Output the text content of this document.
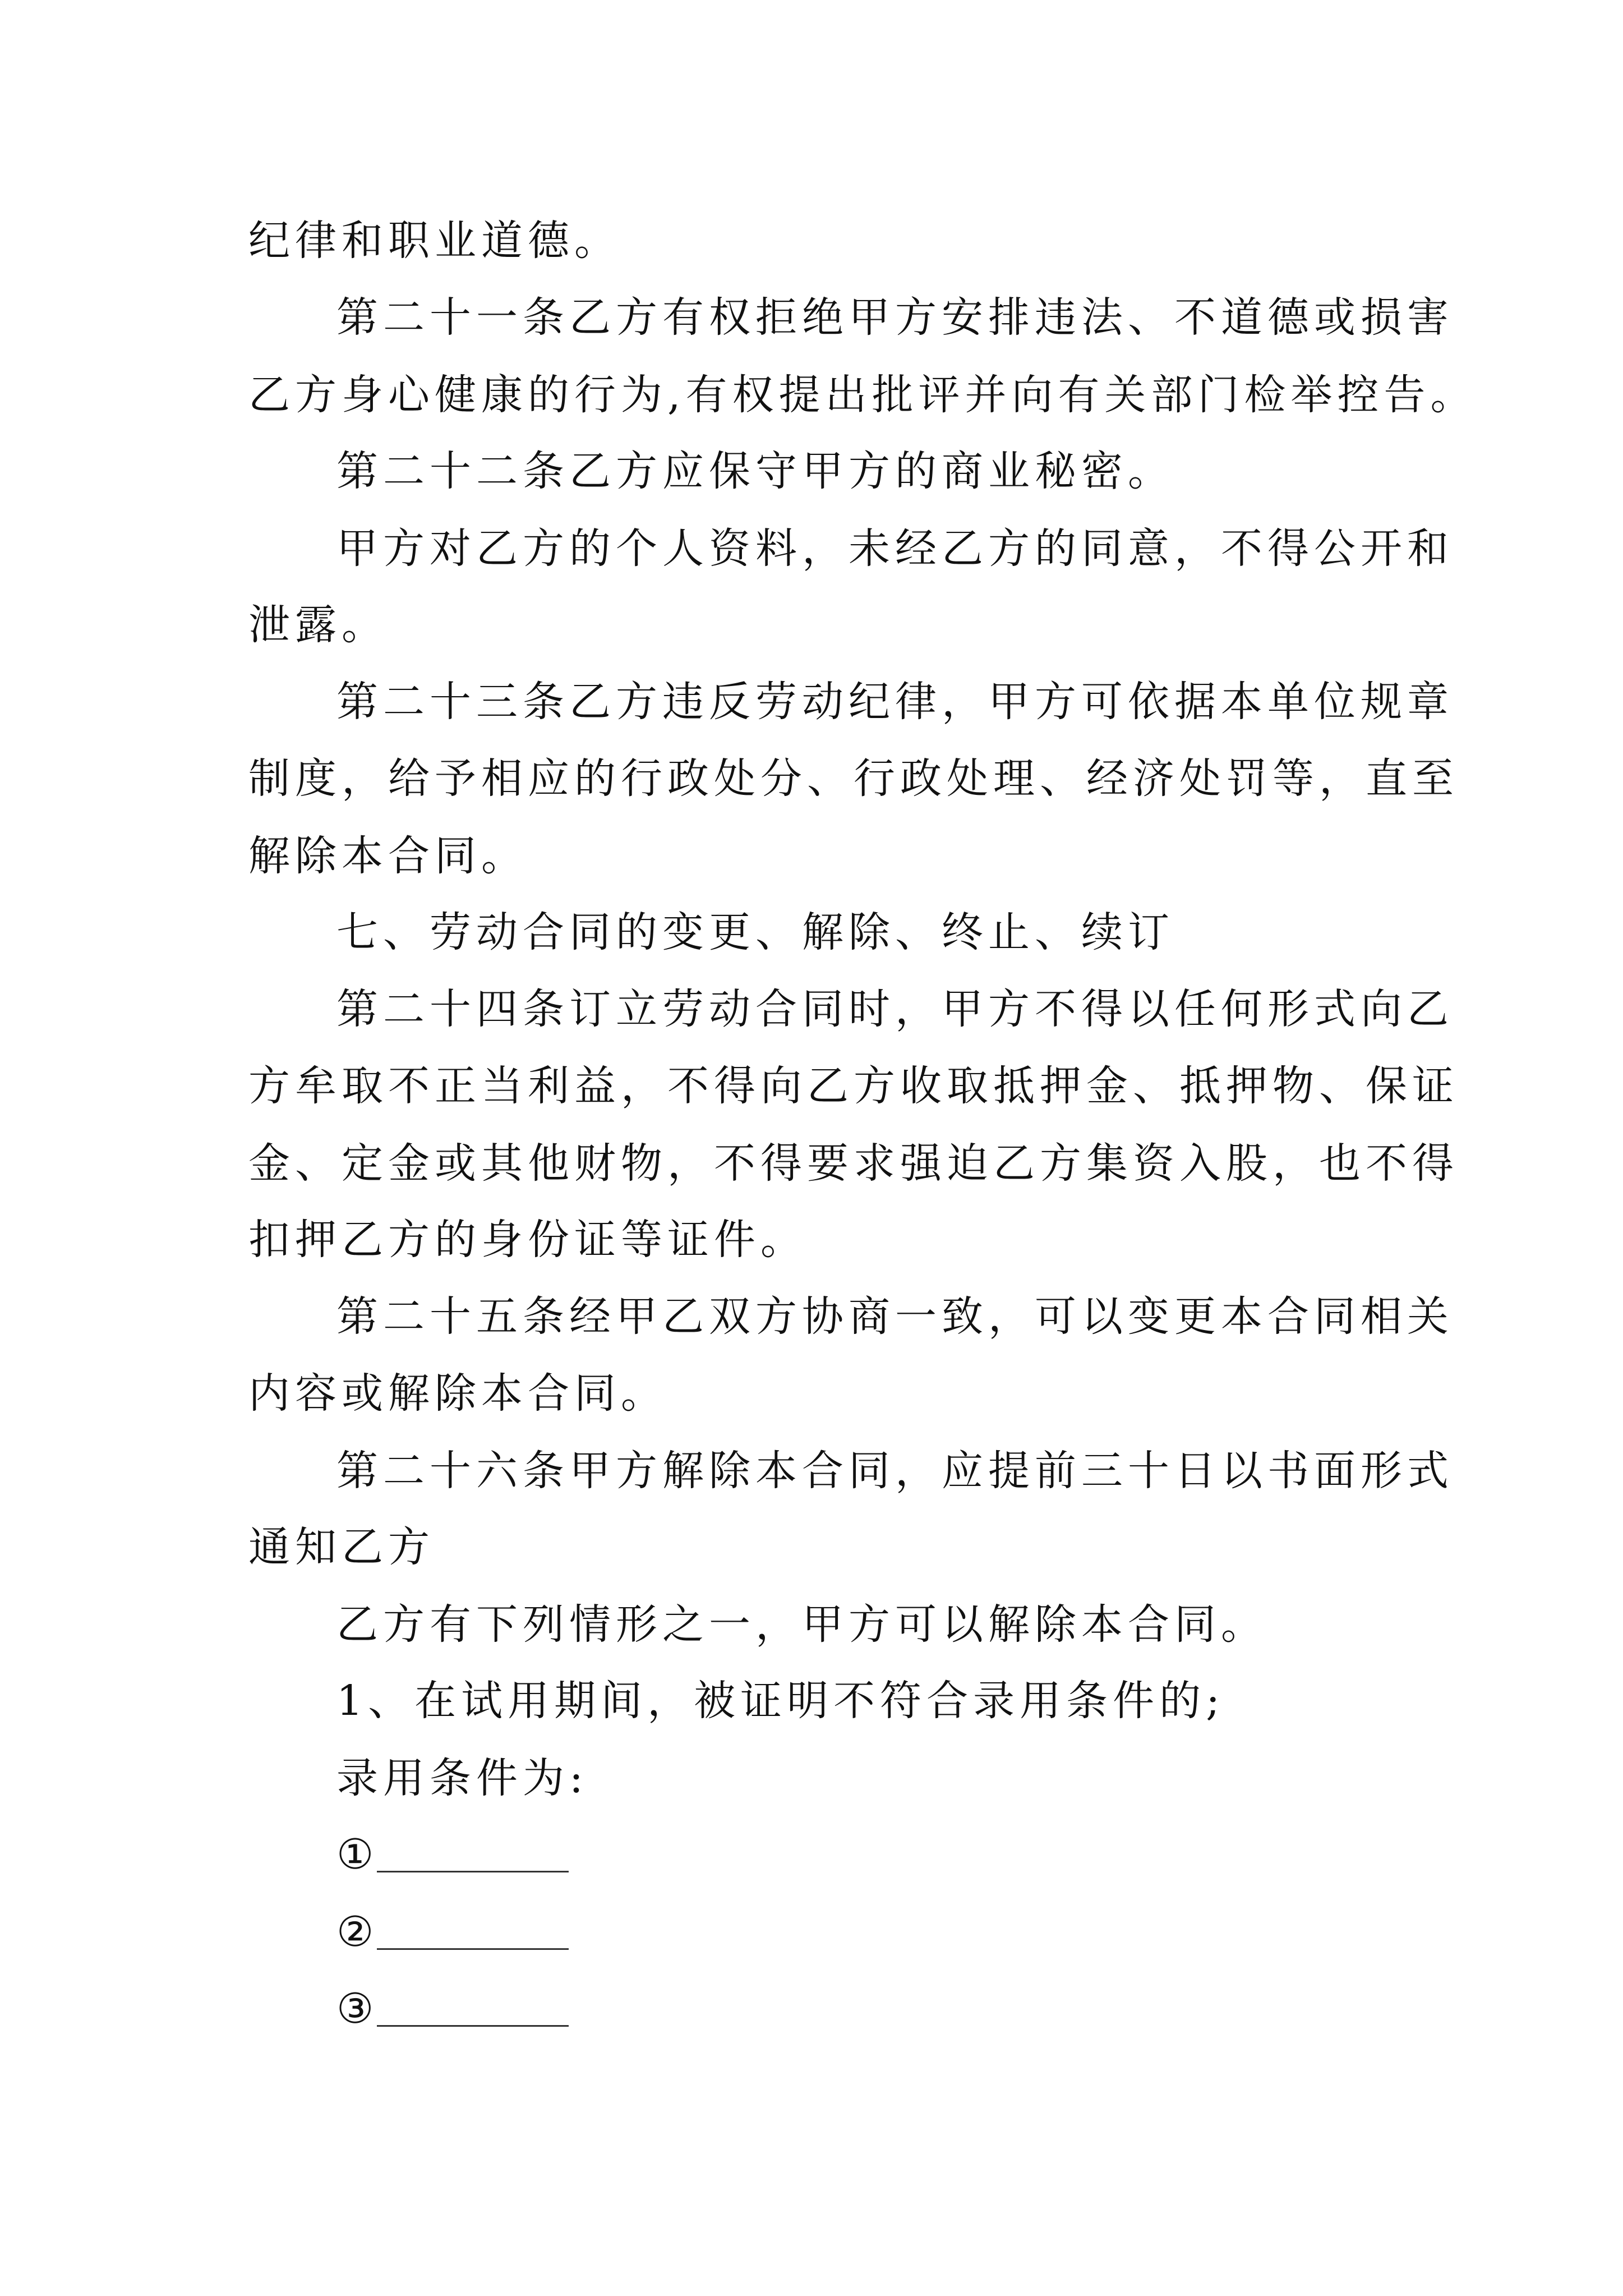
纪律和职业道德。
第二十一条乙方有权拒绝甲方安排违法、不道德或损害
乙方身心健康的行为,有权提出批评并向有关部门检举控告。
第二十二条乙方应保守甲方的商业秘密。
甲方对乙方的个人资料，未经乙方的同意，不得公开和
泄露。
第二十三条乙方违反劳动纪律，甲方可依据本单位规章
制度，给予相应的行政处分、行政处理、经济处罚等，直至
解除本合同。
七、劳动合同的变更、解除、终止、续订
第二十四条订立劳动合同时，甲方不得以任何形式向乙
方牟取不正当利益，不得向乙方收取抵押金、抵押物、保证
金、定金或其他财物，不得要求强迫乙方集资入股，也不得
扣押乙方的身份证等证件。
第二十五条经甲乙双方协商一致，可以变更本合同相关
内容或解除本合同。
第二十六条甲方解除本合同，应提前三十日以书面形式
通知乙方
乙方有下列情形之一，甲方可以解除本合同。
1、在试用期间，被证明不符合录用条件的;
录用条件为:
①
②
③
